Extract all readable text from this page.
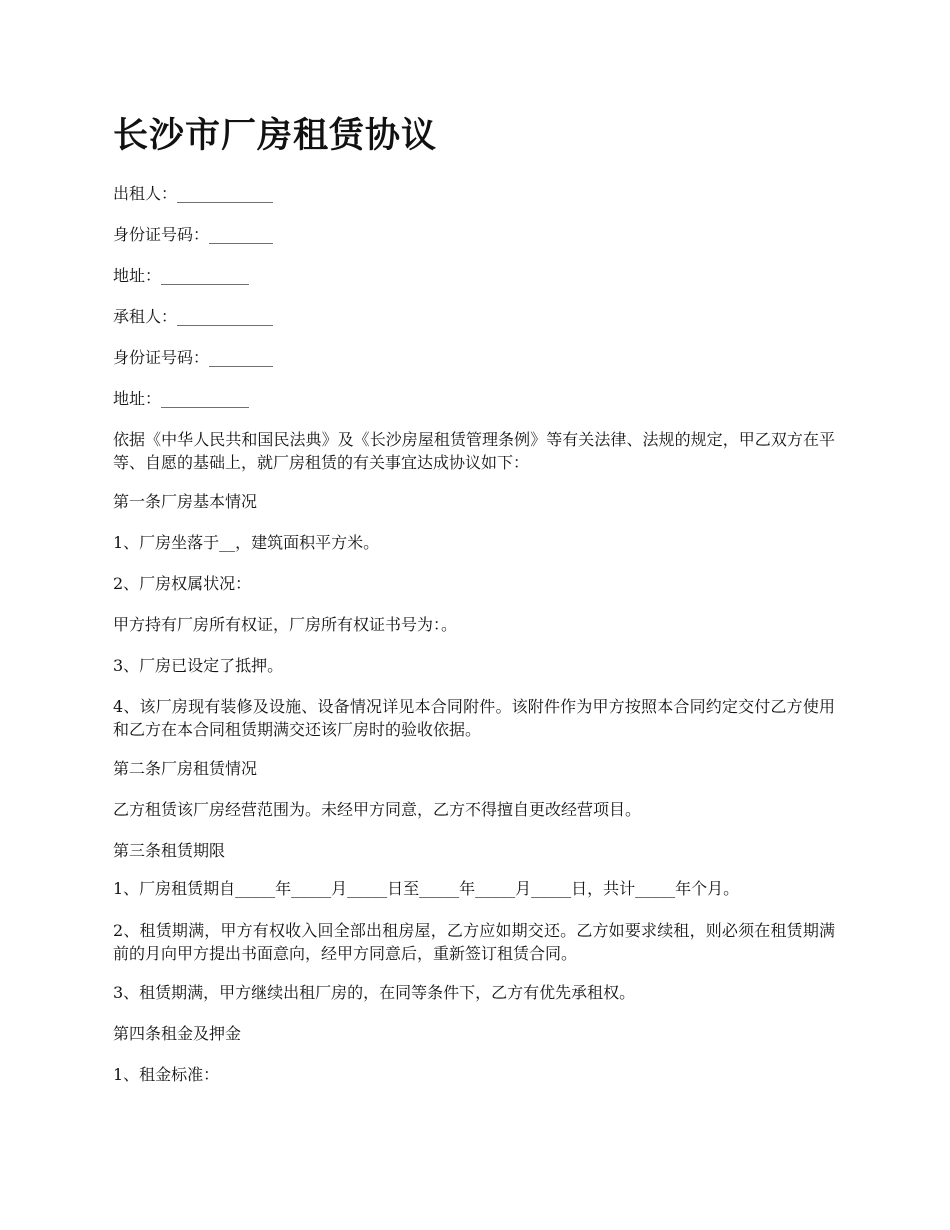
长沙市厂房租赁协议

出租人：____________

身份证号码：________

地址：___________

承租人：____________

身份证号码：________

地址：___________

依据《中华人民共和国民法典》及《长沙房屋租赁管理条例》等有关法律、法规的规定，甲乙双方在平等、自愿的基础上，就厂房租赁的有关事宜达成协议如下：

第一条厂房基本情况

1、厂房坐落于__，建筑面积平方米。

2、厂房权属状况：

甲方持有厂房所有权证，厂房所有权证书号为：。

3、厂房已设定了抵押。

4、该厂房现有装修及设施、设备情况详见本合同附件。该附件作为甲方按照本合同约定交付乙方使用和乙方在本合同租赁期满交还该厂房时的验收依据。

第二条厂房租赁情况

乙方租赁该厂房经营范围为。未经甲方同意，乙方不得擅自更改经营项目。

第三条租赁期限

1、厂房租赁期自_____年_____月_____日至_____年_____月_____日，共计_____年个月。

2、租赁期满，甲方有权收入回全部出租房屋，乙方应如期交还。乙方如要求续租，则必须在租赁期满前的月向甲方提出书面意向，经甲方同意后，重新签订租赁合同。

3、租赁期满，甲方继续出租厂房的，在同等条件下，乙方有优先承租权。

第四条租金及押金

1、租金标准：
